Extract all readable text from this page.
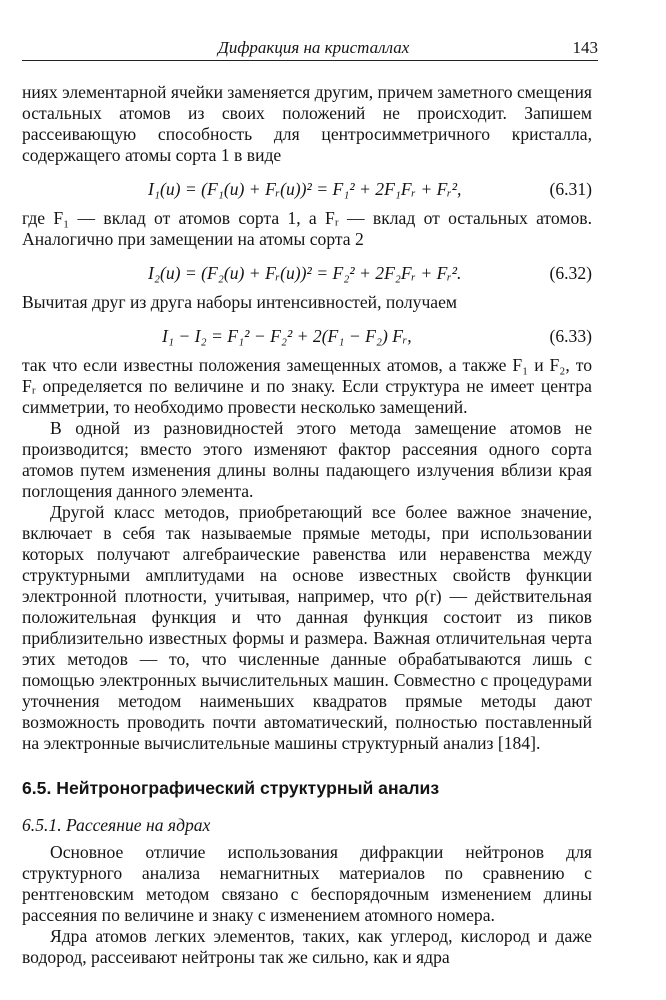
Дифракция на кристаллах	143

ниях элементарной ячейки заменяется другим, причем заметного смещения остальных атомов из своих положений не происходит. Запишем рассеивающую способность для центросимметричного кристалла, содержащего атомы сорта 1 в виде

I₁(u) = (F₁(u) + Fᵣ(u))² = F₁² + 2F₁Fᵣ + Fᵣ²,	(6.31)

где F₁ — вклад от атомов сорта 1, а Fᵣ — вклад от остальных атомов. Аналогично при замещении на атомы сорта 2

I₂(u) = (F₂(u) + Fᵣ(u))² = F₂² + 2F₂Fᵣ + Fᵣ².	(6.32)

Вычитая друг из друга наборы интенсивностей, получаем

I₁ − I₂ = F₁² − F₂² + 2(F₁ − F₂) Fᵣ,	(6.33)

так что если известны положения замещенных атомов, а также F₁ и F₂, то Fᵣ определяется по величине и по знаку. Если структура не имеет центра симметрии, то необходимо провести несколько замещений.

В одной из разновидностей этого метода замещение атомов не производится; вместо этого изменяют фактор рассеяния одного сорта атомов путем изменения длины волны падающего излучения вблизи края поглощения данного элемента.

Другой класс методов, приобретающий все более важное значение, включает в себя так называемые прямые методы, при использовании которых получают алгебраические равенства или неравенства между структурными амплитудами на основе известных свойств функции электронной плотности, учитывая, например, что ρ(r) — действительная положительная функция и что данная функция состоит из пиков приблизительно известных формы и размера. Важная отличительная черта этих методов — то, что численные данные обрабатываются лишь с помощью электронных вычислительных машин. Совместно с процедурами уточнения методом наименьших квадратов прямые методы дают возможность проводить почти автоматический, полностью поставленный на электронные вычислительные машины структурный анализ [184].

6.5. Нейтронографический структурный анализ
6.5.1. Рассеяние на ядрах

Основное отличие использования дифракции нейтронов для структурного анализа немагнитных материалов по сравнению с рентгеновским методом связано с беспорядочным изменением длины рассеяния по величине и знаку с изменением атомного номера.

Ядра атомов легких элементов, таких, как углерод, кислород и даже водород, рассеивают нейтроны так же сильно, как и ядра
